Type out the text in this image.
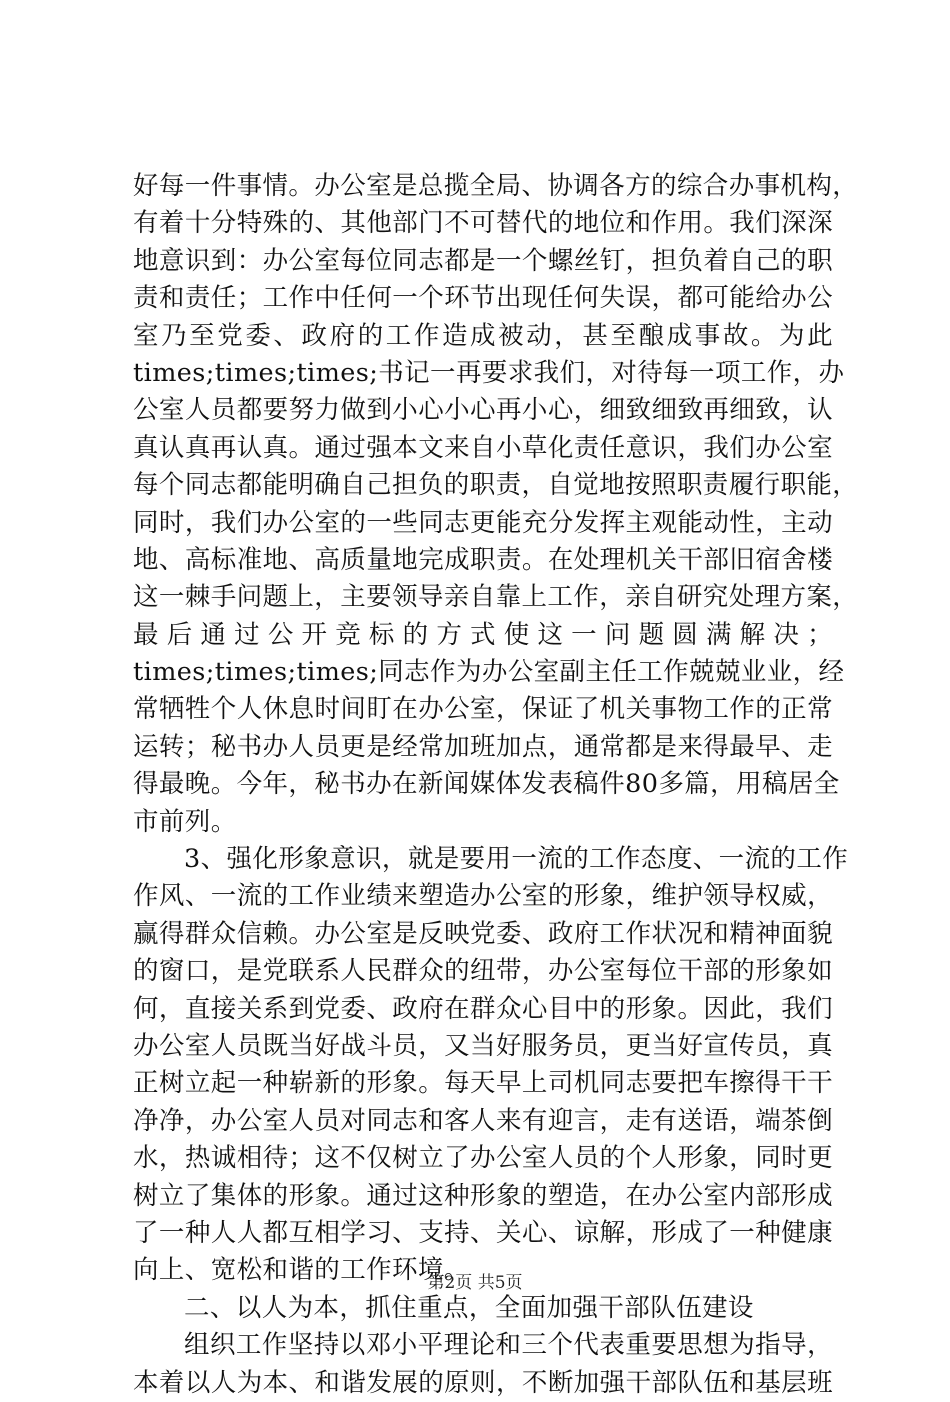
好每一件事情。办公室是总揽全局、协调各方的综合办事机构，
有着十分特殊的、其他部门不可替代的地位和作用。我们深深
地意识到：办公室每位同志都是一个螺丝钉，担负着自己的职
责和责任；工作中任何一个环节出现任何失误，都可能给办公
室乃至党委、政府的工作造成被动，甚至酿成事故。为此
times;times;times;书记一再要求我们，对待每一项工作，办
公室人员都要努力做到小心小心再小心，细致细致再细致，认
真认真再认真。通过强本文来自小草化责任意识，我们办公室
每个同志都能明确自己担负的职责，自觉地按照职责履行职能，
同时，我们办公室的一些同志更能充分发挥主观能动性，主动
地、高标准地、高质量地完成职责。在处理机关干部旧宿舍楼
这一棘手问题上，主要领导亲自靠上工作，亲自研究处理方案，
最后通过公开竞标的方式使这一问题圆满解决；
times;times;times;同志作为办公室副主任工作兢兢业业，经
常牺牲个人休息时间盯在办公室，保证了机关事物工作的正常
运转；秘书办人员更是经常加班加点，通常都是来得最早、走
得最晚。今年，秘书办在新闻媒体发表稿件80多篇，用稿居全
市前列。
3、强化形象意识，就是要用一流的工作态度、一流的工作
作风、一流的工作业绩来塑造办公室的形象，维护领导权威，
赢得群众信赖。办公室是反映党委、政府工作状况和精神面貌
的窗口，是党联系人民群众的纽带，办公室每位干部的形象如
何，直接关系到党委、政府在群众心目中的形象。因此，我们
办公室人员既当好战斗员，又当好服务员，更当好宣传员，真
正树立起一种崭新的形象。每天早上司机同志要把车擦得干干
净净，办公室人员对同志和客人来有迎言，走有送语，端茶倒
水，热诚相待；这不仅树立了办公室人员的个人形象，同时更
树立了集体的形象。通过这种形象的塑造，在办公室内部形成
了一种人人都互相学习、支持、关心、谅解，形成了一种健康
向上、宽松和谐的工作环境。
二、以人为本，抓住重点，全面加强干部队伍建设
组织工作坚持以邓小平理论和三个代表重要思想为指导，
本着以人为本、和谐发展的原则，不断加强干部队伍和基层班
第2页 共5页
